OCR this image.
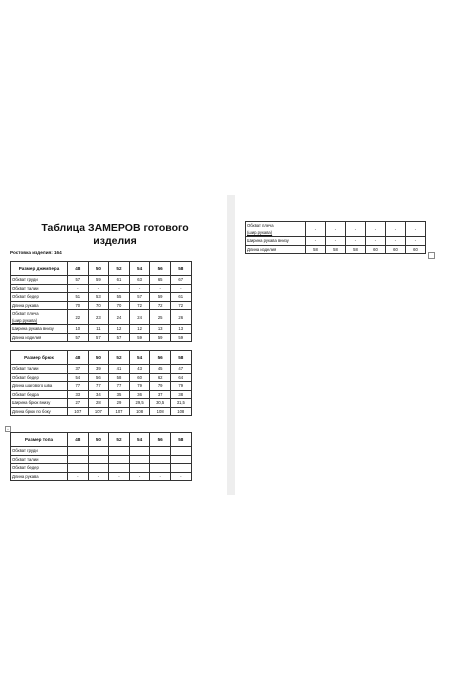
Таблица ЗАМЕРОВ готового
изделия
Ростовка изделия: 164
Размер джемпера	48	50	52	54	56	58
Обхват груди	57	59	61	63	65	67
Обхват талии	-	-	-	-	-	-
Обхват бедер	51	53	55	57	59	61
Длина рукава	70	70	70	72	72	72
Обхват плеча
(шир.рукава)	22	23	24	24	25	26
Ширина рукава внизу	10	11	12	12	13	13
Длина изделия	57	57	57	59	59	59
Размер брюк	48	50	52	54	56	58
Обхват талии	37	39	41	43	45	47
Обхват бедер	54	56	58	60	62	64
Длина шагового шва	77	77	77	79	79	79
Обхват бедра	33	34	35	36	37	38
Ширина брюк внизу	27	28	29	29,5	30,5	31,5
Длина брюк по боку	107	107	107	108	108	108
+
Размер топа	48	50	52	54	56	58
Обхват груди						
Обхват талии						
Обхват бедер						
Длина рукава	-	-	-	-	-	-
Обхват плеча
(шир.рукава)	-	-	-	-	-	-
Ширина рукава внизу	-	-	-	-	-	-
Длина изделия	58	58	58	60	60	60
